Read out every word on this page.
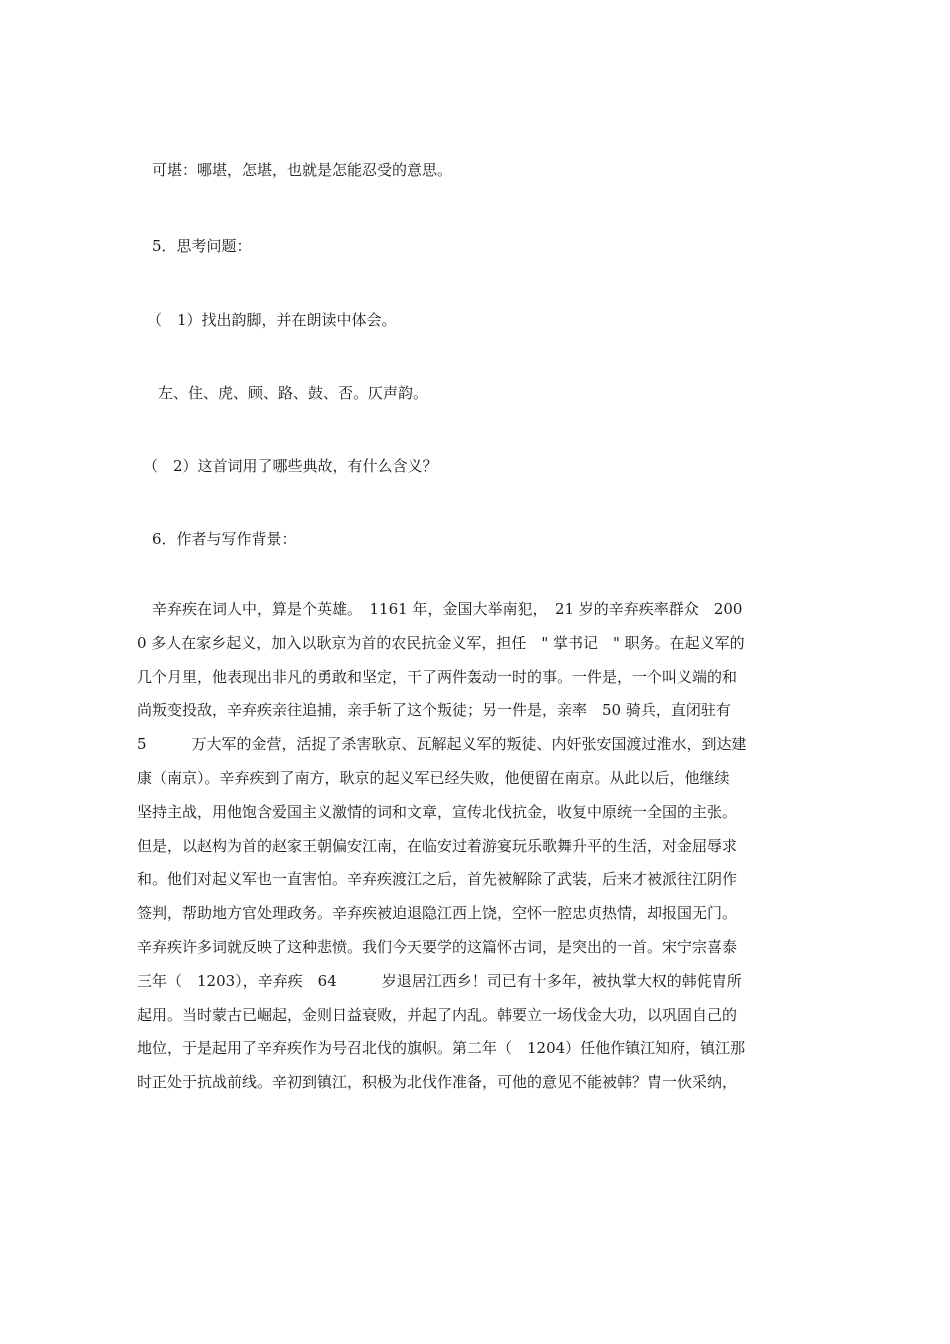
可堪：哪堪，怎堪，也就是怎能忍受的意思。
5．思考问题：
（　1）找出韵脚，并在朗读中体会。
左、住、虎、顾、路、鼓、否。仄声韵。
（　2）这首词用了哪些典故，有什么含义？
6．作者与写作背景：
　辛弃疾在词人中，算是个英雄。　1161 年，金国大举南犯，　21 岁的辛弃疾率群众　200
0 多人在家乡起义，加入以耿京为首的农民抗金义军，担任　" 掌书记　" 职务。在起义军的
几个月里，他表现出非凡的勇敢和坚定，干了两件轰动一时的事。一件是，一个叫义端的和
尚叛变投敌，辛弃疾亲往追捕，亲手斩了这个叛徒；另一件是，亲率　50 骑兵，直闭驻有
5　　　万大军的金营，活捉了杀害耿京、瓦解起义军的叛徒、内奸张安国渡过淮水，到达建
康（南京）。辛弃疾到了南方，耿京的起义军已经失败，他便留在南京。从此以后，他继续
坚持主战，用他饱含爱国主义激情的词和文章，宣传北伐抗金，收复中原统一全国的主张。
但是，以赵构为首的赵家王朝偏安江南，在临安过着游宴玩乐歌舞升平的生活，对金屈辱求
和。他们对起义军也一直害怕。辛弃疾渡江之后，首先被解除了武装，后来才被派往江阴作
签判，帮助地方官处理政务。辛弃疾被迫退隐江西上饶，空怀一腔忠贞热情，却报国无门。
辛弃疾许多词就反映了这种悲愤。我们今天要学的这篇怀古词，是突出的一首。宋宁宗喜泰
三年（　1203），辛弃疾　64　　　岁退居江西乡！司已有十多年，被执掌大权的韩侂胄所
起用。当时蒙古已崛起，金则日益衰败，并起了内乱。韩要立一场伐金大功，以巩固自己的
地位，于是起用了辛弃疾作为号召北伐的旗帜。第二年（　1204）任他作镇江知府，镇江那
时正处于抗战前线。辛初到镇江，积极为北伐作准备，可他的意见不能被韩？胄一伙采纳，
